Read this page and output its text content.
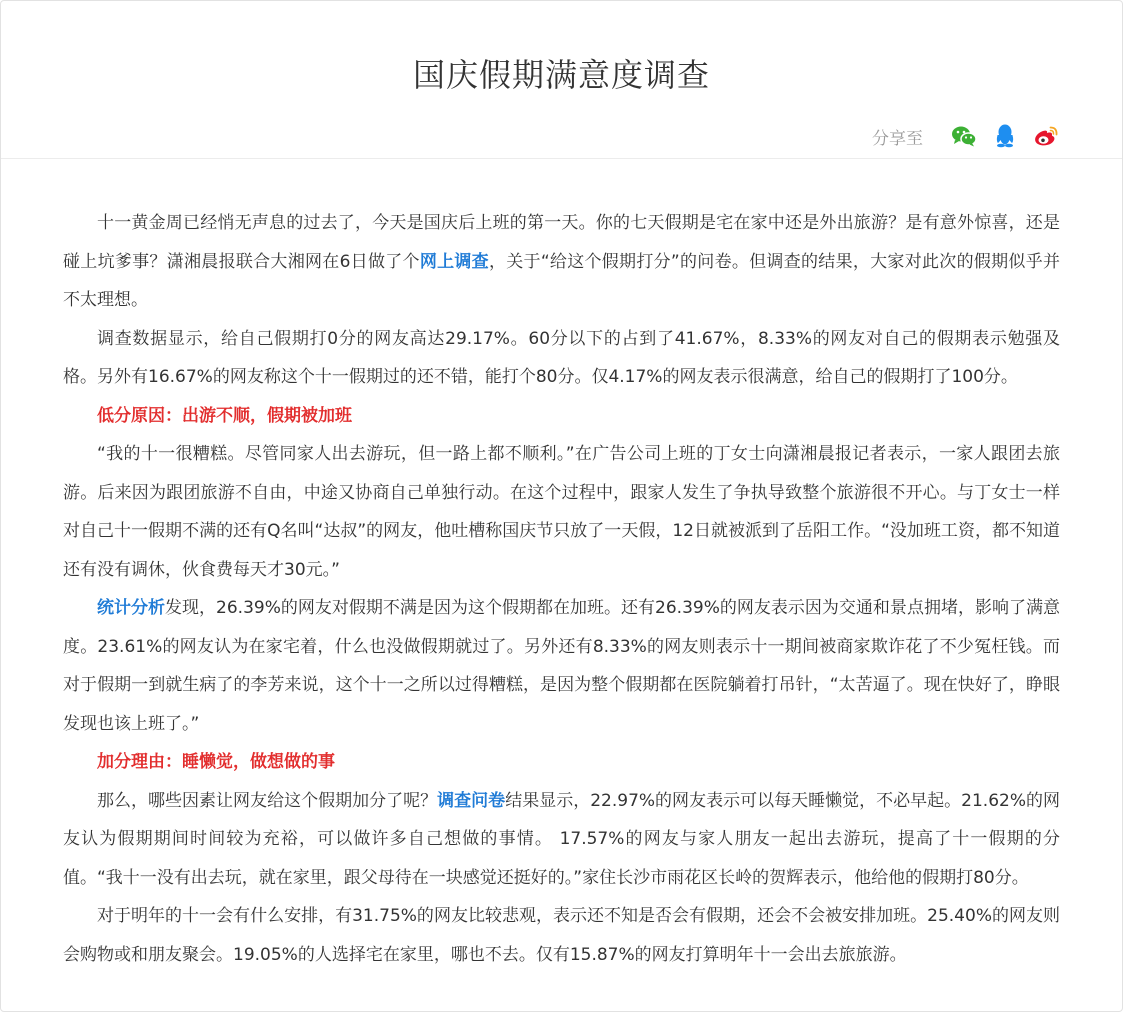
国庆假期满意度调查
分享至

十一黄金周已经悄无声息的过去了，今天是国庆后上班的第一天。你的七天假期是宅在家中还是外出旅游？是有意外惊喜，还是碰上坑爹事？潇湘晨报联合大湘网在6日做了个网上调查，关于“给这个假期打分”的问卷。但调查的结果，大家对此次的假期似乎并不太理想。

调查数据显示，给自己假期打0分的网友高达29.17%。60分以下的占到了41.67%，8.33%的网友对自己的假期表示勉强及格。另外有16.67%的网友称这个十一假期过的还不错，能打个80分。仅4.17%的网友表示很满意，给自己的假期打了100分。

低分原因：出游不顺，假期被加班

“我的十一很糟糕。尽管同家人出去游玩，但一路上都不顺利。”在广告公司上班的丁女士向潇湘晨报记者表示，一家人跟团去旅游。后来因为跟团旅游不自由，中途又协商自己单独行动。在这个过程中，跟家人发生了争执导致整个旅游很不开心。与丁女士一样对自己十一假期不满的还有Q名叫“达叔”的网友，他吐槽称国庆节只放了一天假，12日就被派到了岳阳工作。“没加班工资，都不知道还有没有调休，伙食费每天才30元。”

统计分析发现，26.39%的网友对假期不满是因为这个假期都在加班。还有26.39%的网友表示因为交通和景点拥堵，影响了满意度。23.61%的网友认为在家宅着，什么也没做假期就过了。另外还有8.33%的网友则表示十一期间被商家欺诈花了不少冤枉钱。而对于假期一到就生病了的李芳来说，这个十一之所以过得糟糕，是因为整个假期都在医院躺着打吊针，“太苦逼了。现在快好了，睁眼发现也该上班了。”

加分理由：睡懒觉，做想做的事

那么，哪些因素让网友给这个假期加分了呢？调查问卷结果显示，22.97%的网友表示可以每天睡懒觉，不必早起。21.62%的网友认为假期期间时间较为充裕，可以做许多自己想做的事情。 17.57%的网友与家人朋友一起出去游玩，提高了十一假期的分值。“我十一没有出去玩，就在家里，跟父母待在一块感觉还挺好的。”家住长沙市雨花区长岭的贺辉表示，他给他的假期打80分。

对于明年的十一会有什么安排，有31.75%的网友比较悲观，表示还不知是否会有假期，还会不会被安排加班。25.40%的网友则会购物或和朋友聚会。19.05%的人选择宅在家里，哪也不去。仅有15.87%的网友打算明年十一会出去旅旅游。
